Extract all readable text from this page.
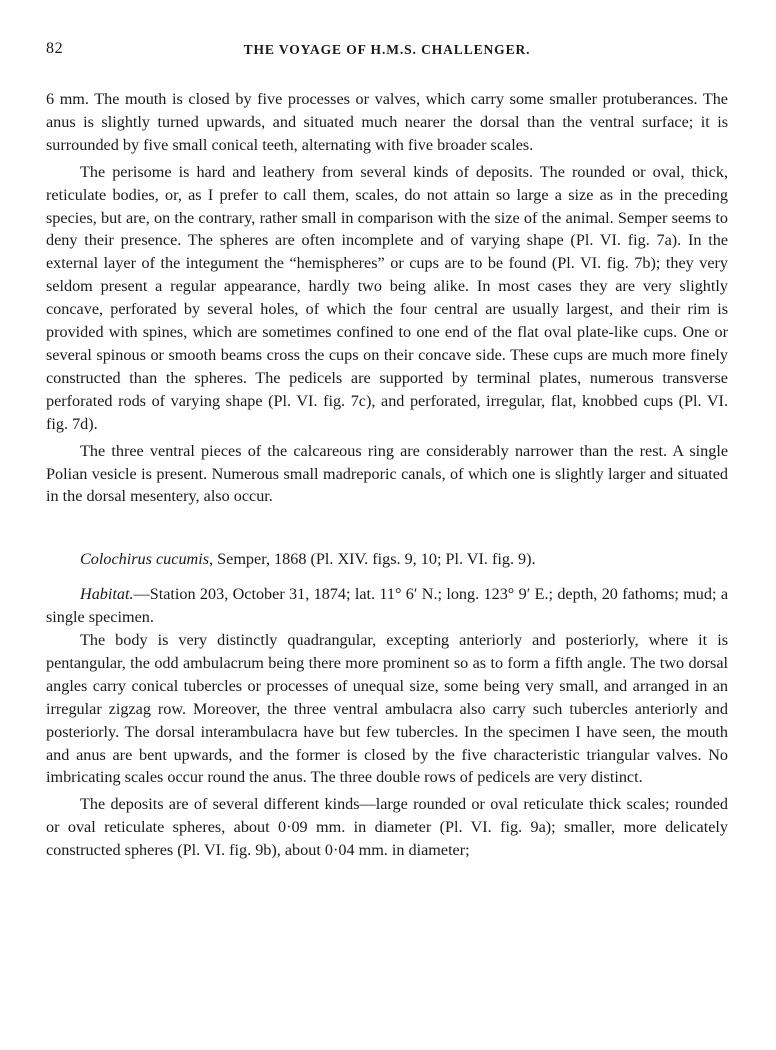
82	THE VOYAGE OF H.M.S. CHALLENGER.

6 mm. The mouth is closed by five processes or valves, which carry some smaller protuberances. The anus is slightly turned upwards, and situated much nearer the dorsal than the ventral surface; it is surrounded by five small conical teeth, alternating with five broader scales.

The perisome is hard and leathery from several kinds of deposits. The rounded or oval, thick, reticulate bodies, or, as I prefer to call them, scales, do not attain so large a size as in the preceding species, but are, on the contrary, rather small in comparison with the size of the animal. Semper seems to deny their presence. The spheres are often incomplete and of varying shape (Pl. VI. fig. 7a). In the external layer of the integument the “hemispheres” or cups are to be found (Pl. VI. fig. 7b); they very seldom present a regular appearance, hardly two being alike. In most cases they are very slightly concave, perforated by several holes, of which the four central are usually largest, and their rim is provided with spines, which are sometimes confined to one end of the flat oval plate-like cups. One or several spinous or smooth beams cross the cups on their concave side. These cups are much more finely constructed than the spheres. The pedicels are supported by terminal plates, numerous transverse perforated rods of varying shape (Pl. VI. fig. 7c), and perforated, irregular, flat, knobbed cups (Pl. VI. fig. 7d).

The three ventral pieces of the calcareous ring are considerably narrower than the rest. A single Polian vesicle is present. Numerous small madreporic canals, of which one is slightly larger and situated in the dorsal mesentery, also occur.

Colochirus cucumis, Semper, 1868 (Pl. XIV. figs. 9, 10; Pl. VI. fig. 9).

Habitat.—Station 203, October 31, 1874; lat. 11° 6′ N.; long. 123° 9′ E.; depth, 20 fathoms; mud; a single specimen.

The body is very distinctly quadrangular, excepting anteriorly and posteriorly, where it is pentangular, the odd ambulacrum being there more prominent so as to form a fifth angle. The two dorsal angles carry conical tubercles or processes of unequal size, some being very small, and arranged in an irregular zigzag row. Moreover, the three ventral ambulacra also carry such tubercles anteriorly and posteriorly. The dorsal interambulacra have but few tubercles. In the specimen I have seen, the mouth and anus are bent upwards, and the former is closed by the five characteristic triangular valves. No imbricating scales occur round the anus. The three double rows of pedicels are very distinct.

The deposits are of several different kinds—large rounded or oval reticulate thick scales; rounded or oval reticulate spheres, about 0·09 mm. in diameter (Pl. VI. fig. 9a); smaller, more delicately constructed spheres (Pl. VI. fig. 9b), about 0·04 mm. in diameter;
